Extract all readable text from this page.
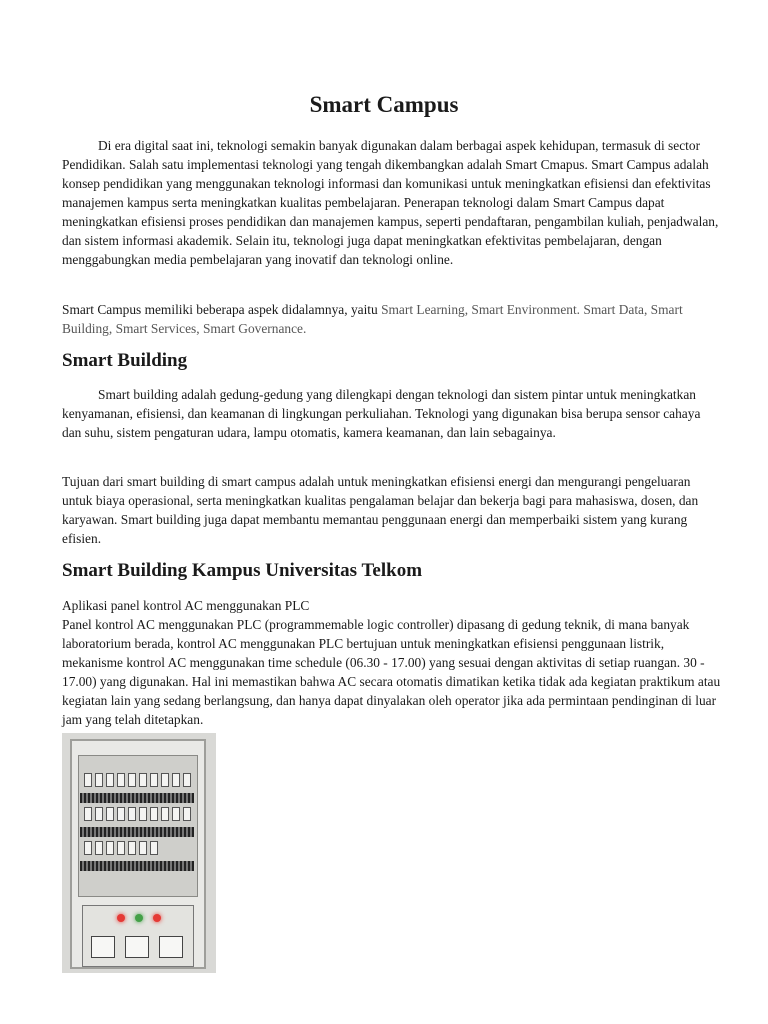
Smart Campus

Di era digital saat ini, teknologi semakin banyak digunakan dalam berbagai aspek kehidupan, termasuk di sector Pendidikan. Salah satu implementasi teknologi yang tengah dikembangkan adalah Smart Cmapus. Smart Campus adalah konsep pendidikan yang menggunakan teknologi informasi dan komunikasi untuk meningkatkan efisiensi dan efektivitas manajemen kampus serta meningkatkan kualitas pembelajaran. Penerapan teknologi dalam Smart Campus dapat meningkatkan efisiensi proses pendidikan dan manajemen kampus, seperti pendaftaran, pengambilan kuliah, penjadwalan, dan sistem informasi akademik. Selain itu, teknologi juga dapat meningkatkan efektivitas pembelajaran, dengan menggabungkan media pembelajaran yang inovatif dan teknologi online.

Smart Campus memiliki beberapa aspek didalamnya, yaitu Smart Learning, Smart Environment. Smart Data, Smart Building, Smart Services, Smart Governance.

Smart Building

Smart building adalah gedung-gedung yang dilengkapi dengan teknologi dan sistem pintar untuk meningkatkan kenyamanan, efisiensi, dan keamanan di lingkungan perkuliahan. Teknologi yang digunakan bisa berupa sensor cahaya dan suhu, sistem pengaturan udara, lampu otomatis, kamera keamanan, dan lain sebagainya.

Tujuan dari smart building di smart campus adalah untuk meningkatkan efisiensi energi dan mengurangi pengeluaran untuk biaya operasional, serta meningkatkan kualitas pengalaman belajar dan bekerja bagi para mahasiswa, dosen, dan karyawan. Smart building juga dapat membantu memantau penggunaan energi dan memperbaiki sistem yang kurang efisien.

Smart Building Kampus Universitas Telkom

Aplikasi panel kontrol AC menggunakan PLC

Panel kontrol AC menggunakan PLC (programmemable logic controller) dipasang di gedung teknik, di mana banyak laboratorium berada, kontrol AC menggunakan PLC bertujuan untuk meningkatkan efisiensi penggunaan listrik, mekanisme kontrol AC menggunakan time schedule (06.30 - 17.00) yang sesuai dengan aktivitas di setiap ruangan. 30 - 17.00) yang digunakan. Hal ini memastikan bahwa AC secara otomatis dimatikan ketika tidak ada kegiatan praktikum atau kegiatan lain yang sedang berlangsung, dan hanya dapat dinyalakan oleh operator jika ada permintaan pendinginan di luar jam yang telah ditetapkan.
